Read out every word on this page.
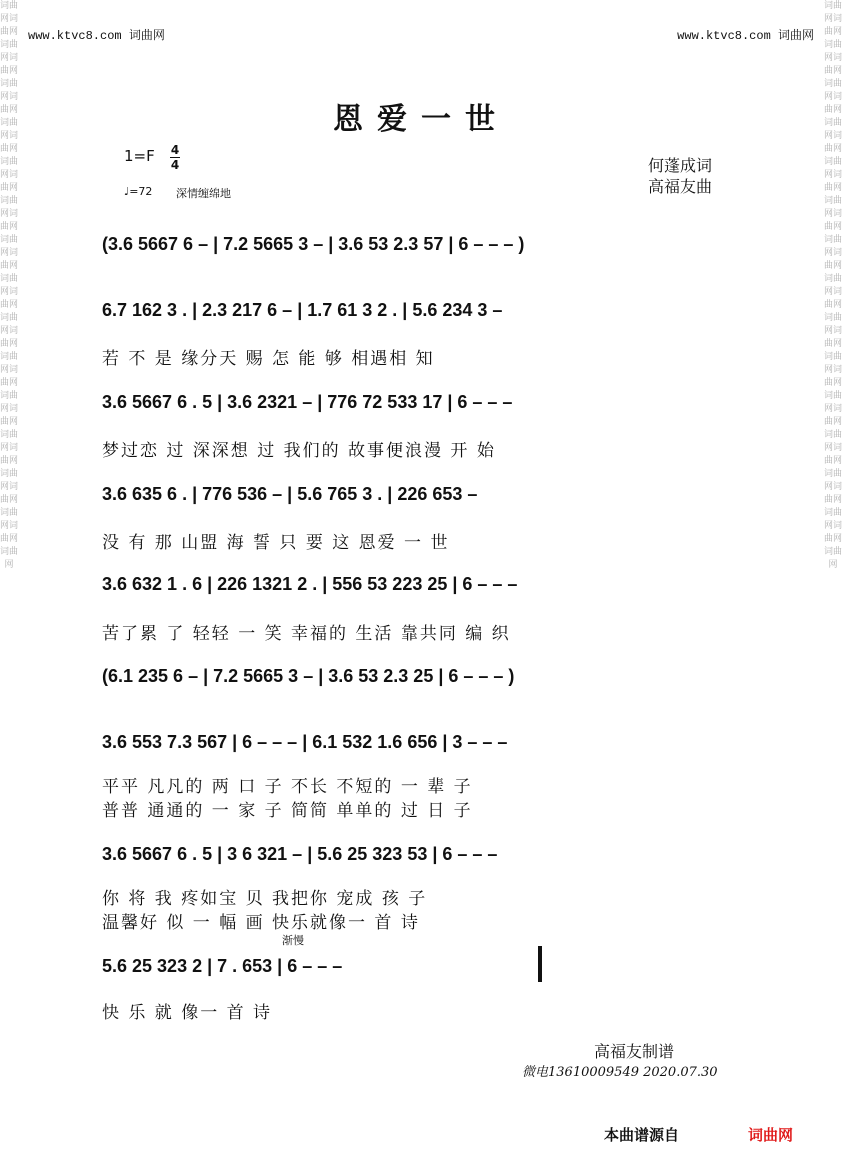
www.ktvc8.com 词曲网	www.ktvc8.com 词曲网
词曲网词曲网词曲网词曲网词曲网词曲网词曲网词曲网词曲网词曲网词曲网词曲网词曲网词曲网词曲网词曲网词曲网词曲网词曲网词曲网词曲网词曲网词曲网词曲网词曲网词曲网词曲网词曲网词曲网
词曲网词曲网词曲网词曲网词曲网词曲网词曲网词曲网词曲网词曲网词曲网词曲网词曲网词曲网词曲网词曲网词曲网词曲网词曲网词曲网词曲网词曲网词曲网词曲网词曲网词曲网词曲网词曲网词曲网
恩爱一世
1=F 4
4
♩=72 深情缠绵地
何蓬成词
高福友曲
(3.6 5667 6 – | 7.2 5665 3 – | 3.6 53 2.3 57 | 6 – – – )
6.7 162 3 . | 2.3 217 6 – | 1.7 61 3 2 . | 5.6 234 3 –
若 不 是 缘分天 赐 怎 能 够 相遇相 知
3.6 5667 6 . 5 | 3.6 2321 – | 776 72 533 17 | 6 – – –
梦过恋 过 深深想 过 我们的 故事便浪漫 开 始
3.6 635 6 . | 776 536 – | 5.6 765 3 . | 226 653 –
没 有 那 山盟 海 誓 只 要 这 恩爱 一 世
3.6 632 1 . 6 | 226 1321 2 . | 556 53 223 25 | 6 – – –
苦了累 了 轻轻 一 笑 幸福的 生活 靠共同 编 织
(6.1 235 6 – | 7.2 5665 3 – | 3.6 53 2.3 25 | 6 – – – )
3.6 553 7.3 567 | 6 – – – | 6.1 532 1.6 656 | 3 – – –
平平 凡凡的 两 口 子 不长 不短的 一 辈 子
普普 通通的 一 家 子 简简 单单的 过 日 子
3.6 5667 6 . 5 | 3 6 321 – | 5.6 25 323 53 | 6 – – –
你 将 我 疼如宝 贝 我把你 宠成 孩 子
温馨好 似 一 幅 画 快乐就像一 首 诗
渐慢
5.6 25 323 2 | 7 . 653 | 6 – – –
快 乐 就 像一 首 诗
高福友制谱
微电13610009549 2020.07.30
本曲谱源自	词曲网
